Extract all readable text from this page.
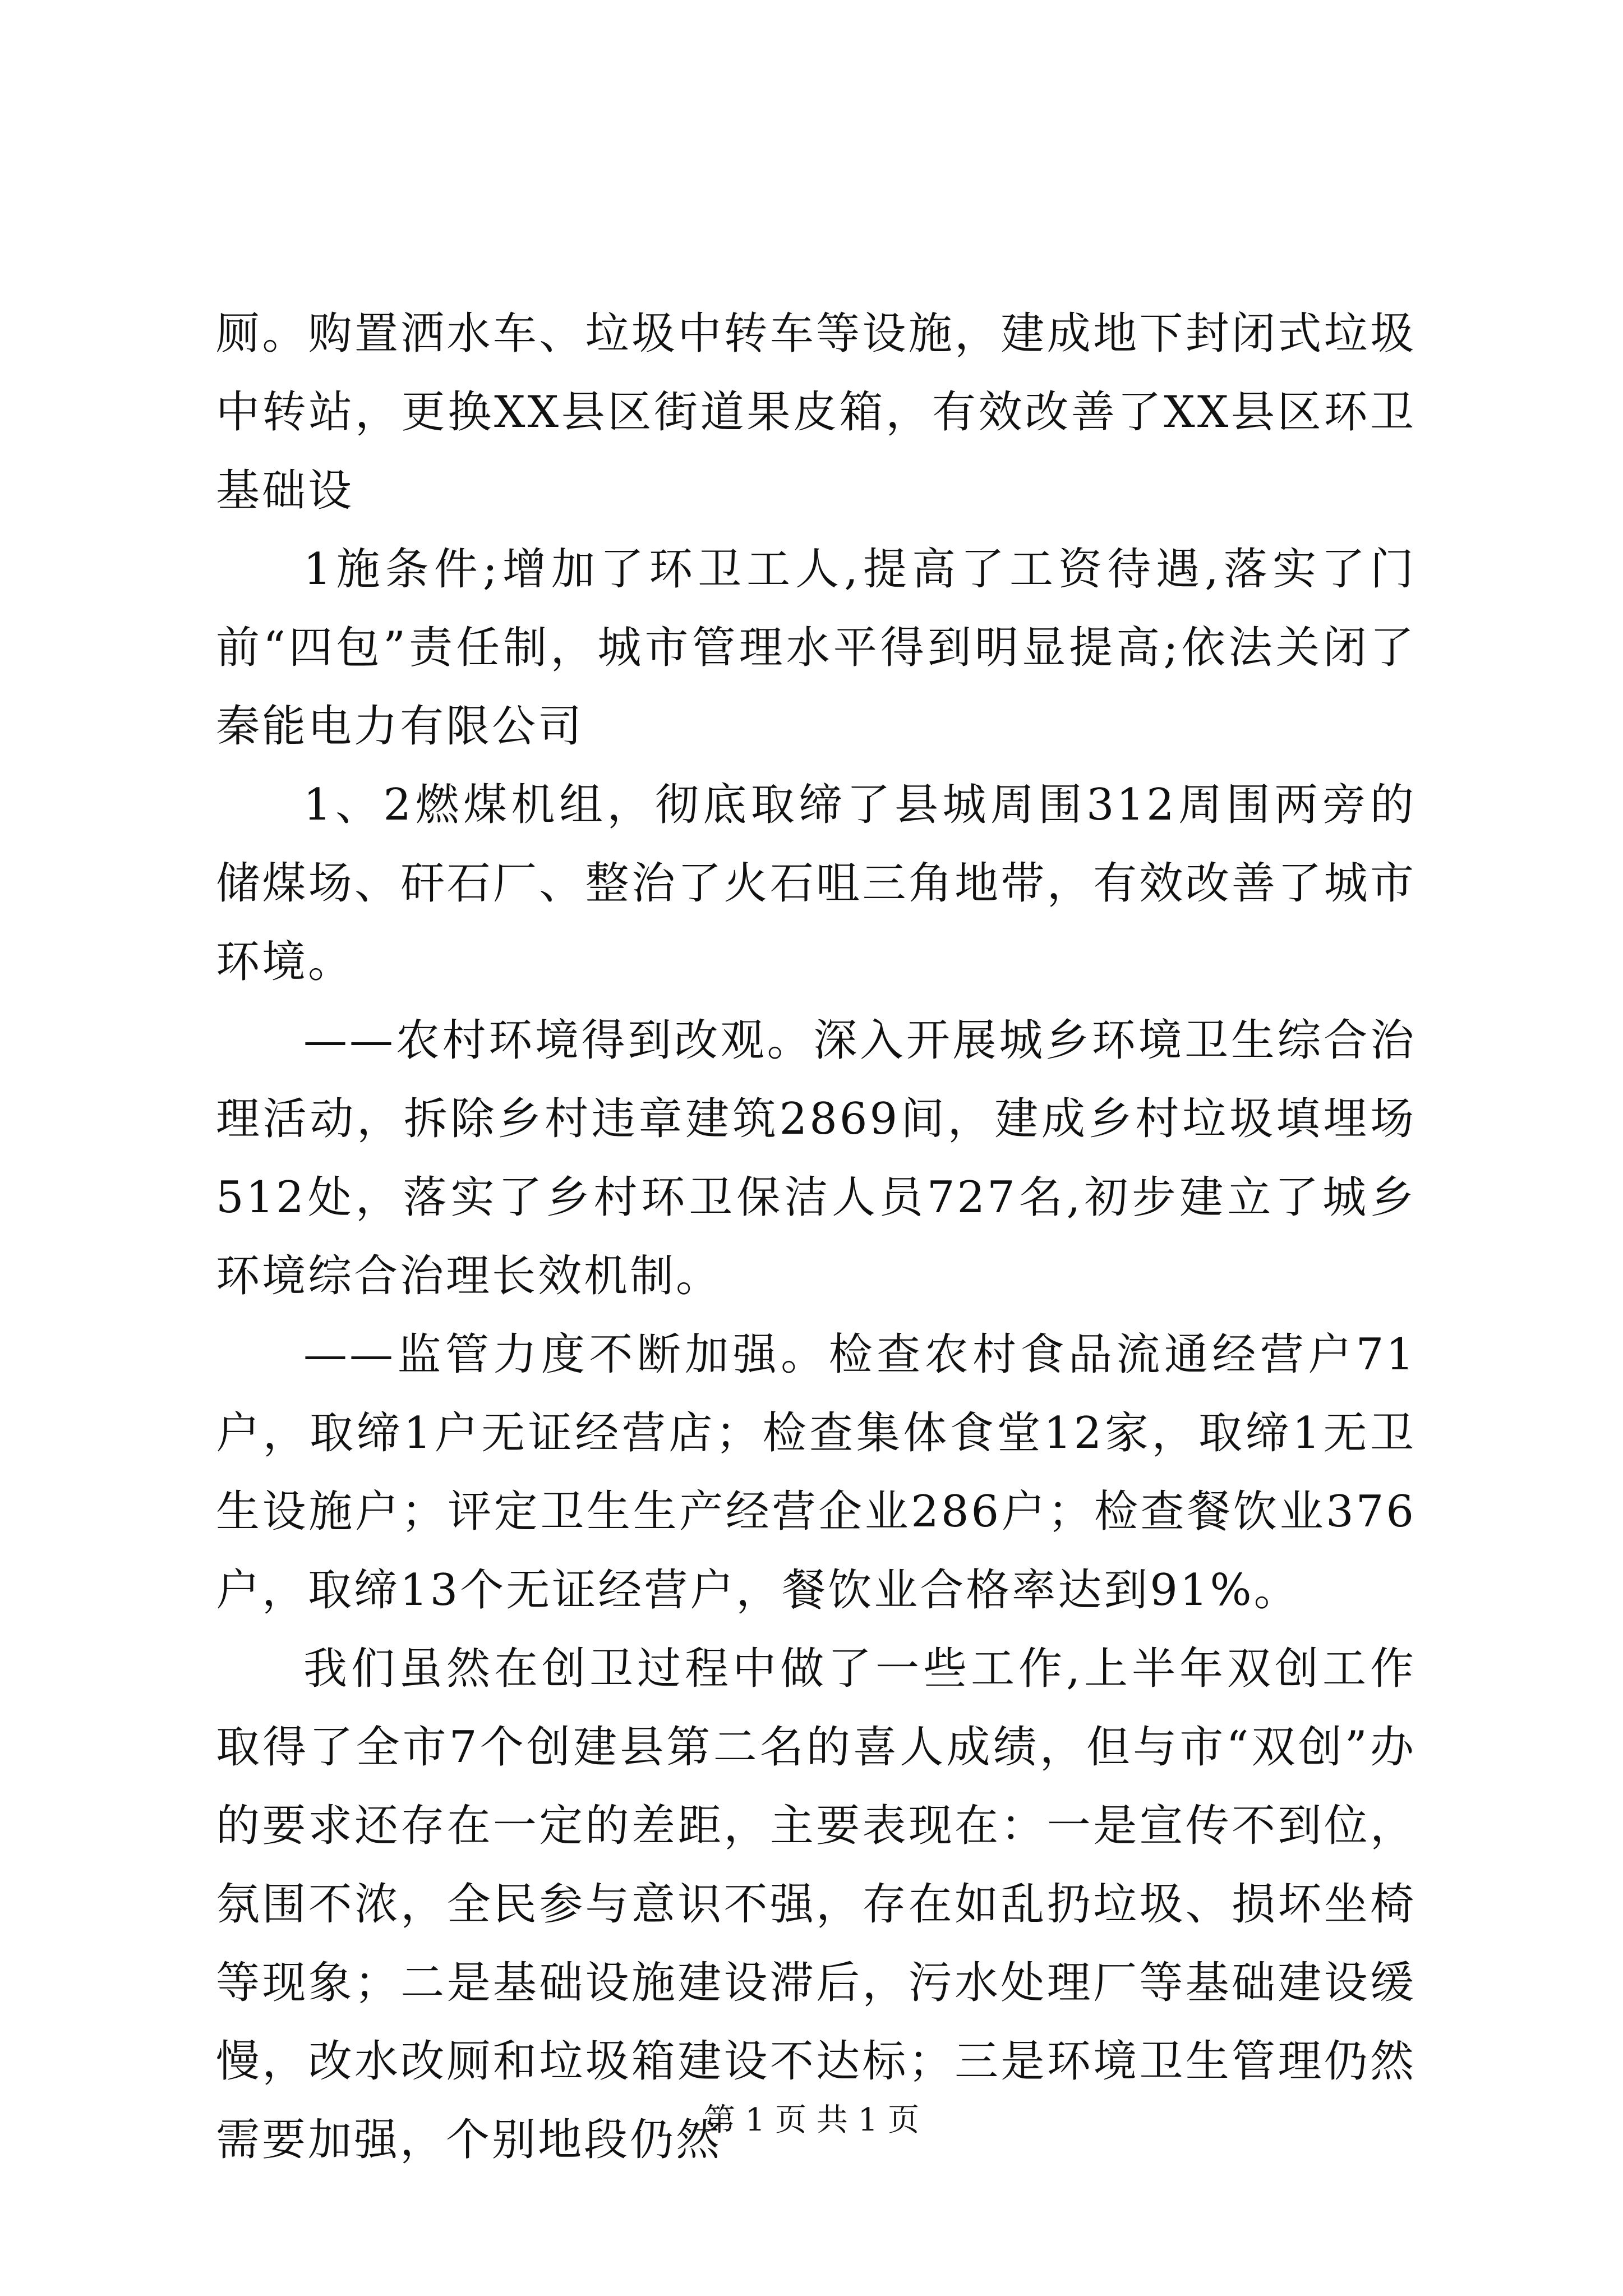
厕。购置洒水车、垃圾中转车等设施，建成地下封闭式垃圾中转站，更换XX县区街道果皮箱，有效改善了XX县区环卫基础设

1施条件;增加了环卫工人,提高了工资待遇,落实了门前“四包”责任制，城市管理水平得到明显提高;依法关闭了秦能电力有限公司

1、2燃煤机组，彻底取缔了县城周围312周围两旁的储煤场、矸石厂、整治了火石咀三角地带，有效改善了城市环境。

——农村环境得到改观。深入开展城乡环境卫生综合治理活动，拆除乡村违章建筑2869间，建成乡村垃圾填埋场512处，落实了乡村环卫保洁人员727名,初步建立了城乡环境综合治理长效机制。

——监管力度不断加强。检查农村食品流通经营户71户，取缔1户无证经营店；检查集体食堂12家，取缔1无卫生设施户；评定卫生生产经营企业286户；检查餐饮业376户，取缔13个无证经营户，餐饮业合格率达到91%。

我们虽然在创卫过程中做了一些工作,上半年双创工作取得了全市7个创建县第二名的喜人成绩，但与市“双创”办的要求还存在一定的差距，主要表现在：一是宣传不到位，氛围不浓，全民参与意识不强，存在如乱扔垃圾、损坏坐椅等现象；二是基础设施建设滞后，污水处理厂等基础建设缓慢，改水改厕和垃圾箱建设不达标；三是环境卫生管理仍然需要加强，个别地段仍然

第 1 页 共 1 页
